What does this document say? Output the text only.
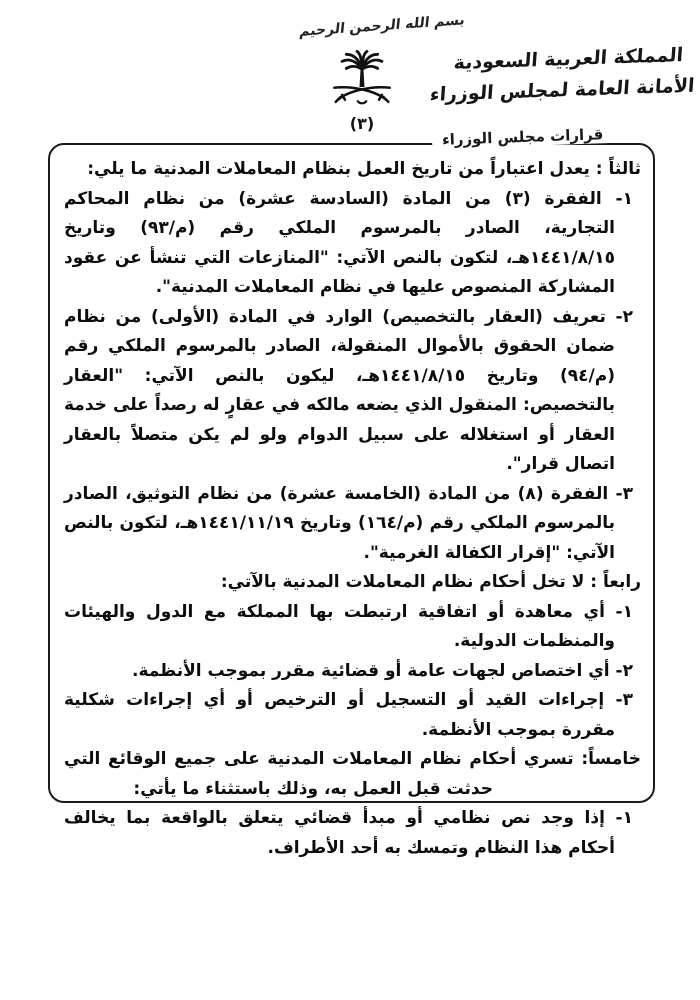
بسم الله الرحمن الرحيم
المملكة العربية السعودية
الأمانة العامة لمجلس الوزراء
(٣)
قرارات مجلس الوزراء

ثالثاً : يعدل اعتباراً من تاريخ العمل بنظام المعاملات المدنية ما يلي:

١- الفقرة (٣) من المادة (السادسة عشرة) من نظام المحاكم التجارية، الصادر بالمرسوم الملكي رقم (م/٩٣) وتاريخ ١٤٤١/٨/١٥هـ، لتكون بالنص الآتي: "المنازعات التي تنشأ عن عقود المشاركة المنصوص عليها في نظام المعاملات المدنية".

٢- تعريف (العقار بالتخصيص) الوارد في المادة (الأولى) من نظام ضمان الحقوق بالأموال المنقولة، الصادر بالمرسوم الملكي رقم (م/٩٤) وتاريخ ١٤٤١/٨/١٥هـ، ليكون بالنص الآتي: "العقار بالتخصيص: المنقول الذي يضعه مالكه في عقارٍ له رصداً على خدمة العقار أو استغلاله على سبيل الدوام ولو لم يكن متصلاً بالعقار اتصال قرار".

٣- الفقرة (٨) من المادة (الخامسة عشرة) من نظام التوثيق، الصادر بالمرسوم الملكي رقم (م/١٦٤) وتاريخ ١٤٤١/١١/١٩هـ، لتكون بالنص الآتي: "إقرار الكفالة الغرمية".

رابعاً : لا تخل أحكام نظام المعاملات المدنية بالآتي:

١- أي معاهدة أو اتفاقية ارتبطت بها المملكة مع الدول والهيئات والمنظمات الدولية.

٢- أي اختصاص لجهات عامة أو قضائية مقرر بموجب الأنظمة.

٣- إجراءات القيد أو التسجيل أو الترخيص أو أي إجراءات شكلية مقررة بموجب الأنظمة.

خامساً: تسري أحكام نظام المعاملات المدنية على جميع الوقائع التي حدثت قبل العمل به، وذلك باستثناء ما يأتي:

١- إذا وجد نص نظامي أو مبدأ قضائي يتعلق بالواقعة بما يخالف أحكام هذا النظام وتمسك به أحد الأطراف.
